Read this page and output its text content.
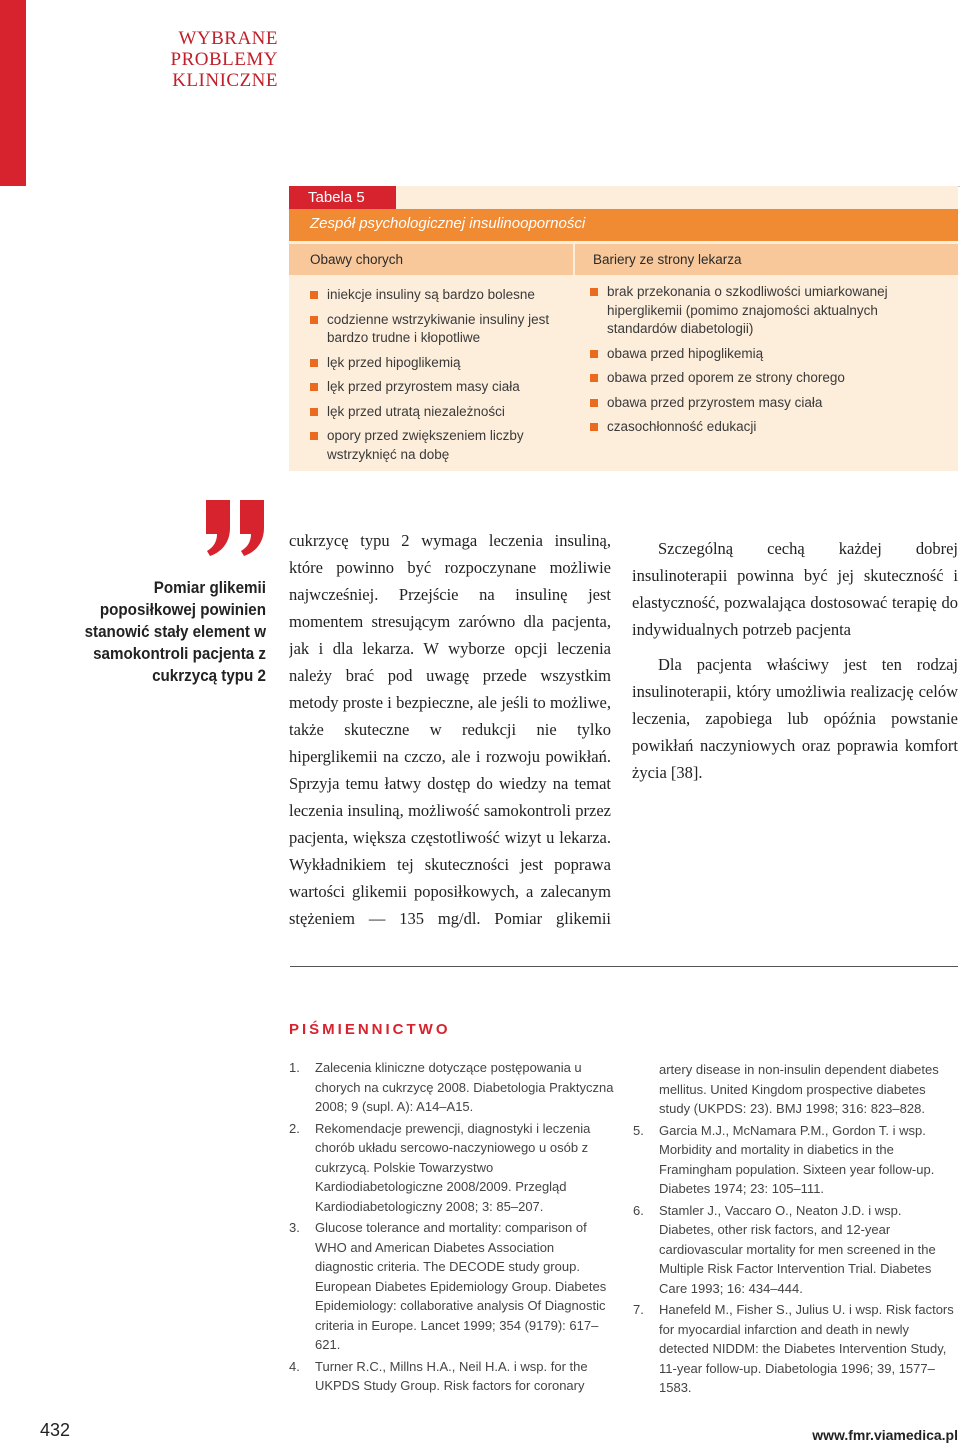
WYBRANE
PROBLEMY
KLINICZNE
Tabela 5
Zespół psychologicznej insulinooporności
Obawy chorych	Bariery ze strony lekarza
iniekcje insuliny są bardzo bolesne
codzienne wstrzykiwanie insuliny jest bardzo trudne i kłopotliwe
lęk przed hipoglikemią
lęk przed przyrostem masy ciała
lęk przed utratą niezależności
opory przed zwiększeniem liczby wstrzyknięć na dobę
brak przekonania o szkodliwości umiarkowanej hiperglikemii (pomimo znajomości aktualnych standardów diabetologii)
obawa przed hipoglikemią
obawa przed oporem ze strony chorego
obawa przed przyrostem masy ciała
czasochłonność edukacji
Pomiar glikemii poposiłkowej powinien stanowić stały element w samokontroli pacjenta z cukrzycą typu 2

cukrzycę typu 2 wymaga leczenia insuliną, które powinno być rozpoczynane możliwie najwcześniej. Przejście na insulinę jest momentem stresującym zarówno dla pacjenta, jak i dla lekarza. W wyborze opcji leczenia należy brać pod uwagę przede wszystkim metody proste i bezpieczne, ale jeśli to możliwe, także skuteczne w redukcji nie tylko hiperglikemii na czczo, ale i rozwoju powikłań. Sprzyja temu łatwy dostęp do wiedzy na temat leczenia insuliną, możliwość samokontroli przez pacjenta, większa częstotliwość wizyt u lekarza. Wykładnikiem tej skuteczności jest poprawa wartości glikemii poposiłkowych, a zalecanym stężeniem — 135 mg/dl. Pomiar glikemii

Szczególną cechą każdej dobrej insulinoterapii powinna być jej skuteczność i elastyczność, pozwalająca dostosować terapię do indywidualnych potrzeb pacjenta

Dla pacjenta właściwy jest ten rodzaj insulinoterapii, który umożliwia realizację celów leczenia, zapobiega lub opóźnia powstanie powikłań naczyniowych oraz poprawia komfort życia [38].

PIŚMIENNICTWO
1. Zalecenia kliniczne dotyczące postępowania u chorych na cukrzycę 2008. Diabetologia Praktyczna 2008; 9 (supl. A): A14–A15.
2. Rekomendacje prewencji, diagnostyki i leczenia chorób układu sercowo-naczyniowego u osób z cukrzycą. Polskie Towarzystwo Kardiodiabetologiczne 2008/2009. Przegląd Kardiodiabetologiczny 2008; 3: 85–207.
3. Glucose tolerance and mortality: comparison of WHO and American Diabetes Association diagnostic criteria. The DECODE study group. European Diabetes Epidemiology Group. Diabetes Epidemiology: collaborative analysis Of Diagnostic criteria in Europe. Lancet 1999; 354 (9179): 617–621.
4. Turner R.C., Millns H.A., Neil H.A. i wsp. for the UKPDS Study Group. Risk factors for coronary
artery disease in non-insulin dependent diabetes mellitus. United Kingdom prospective diabetes study (UKPDS: 23). BMJ 1998; 316: 823–828.
5. Garcia M.J., McNamara P.M., Gordon T. i wsp. Morbidity and mortality in diabetics in the Framingham population. Sixteen year follow-up. Diabetes 1974; 23: 105–111.
6. Stamler J., Vaccaro O., Neaton J.D. i wsp. Diabetes, other risk factors, and 12-year cardiovascular mortality for men screened in the Multiple Risk Factor Intervention Trial. Diabetes Care 1993; 16: 434–444.
7. Hanefeld M., Fisher S., Julius U. i wsp. Risk factors for myocardial infarction and death in newly detected NIDDM: the Diabetes Intervention Study, 11-year follow-up. Diabetologia 1996; 39, 1577–1583.
432	www.fmr.viamedica.pl
